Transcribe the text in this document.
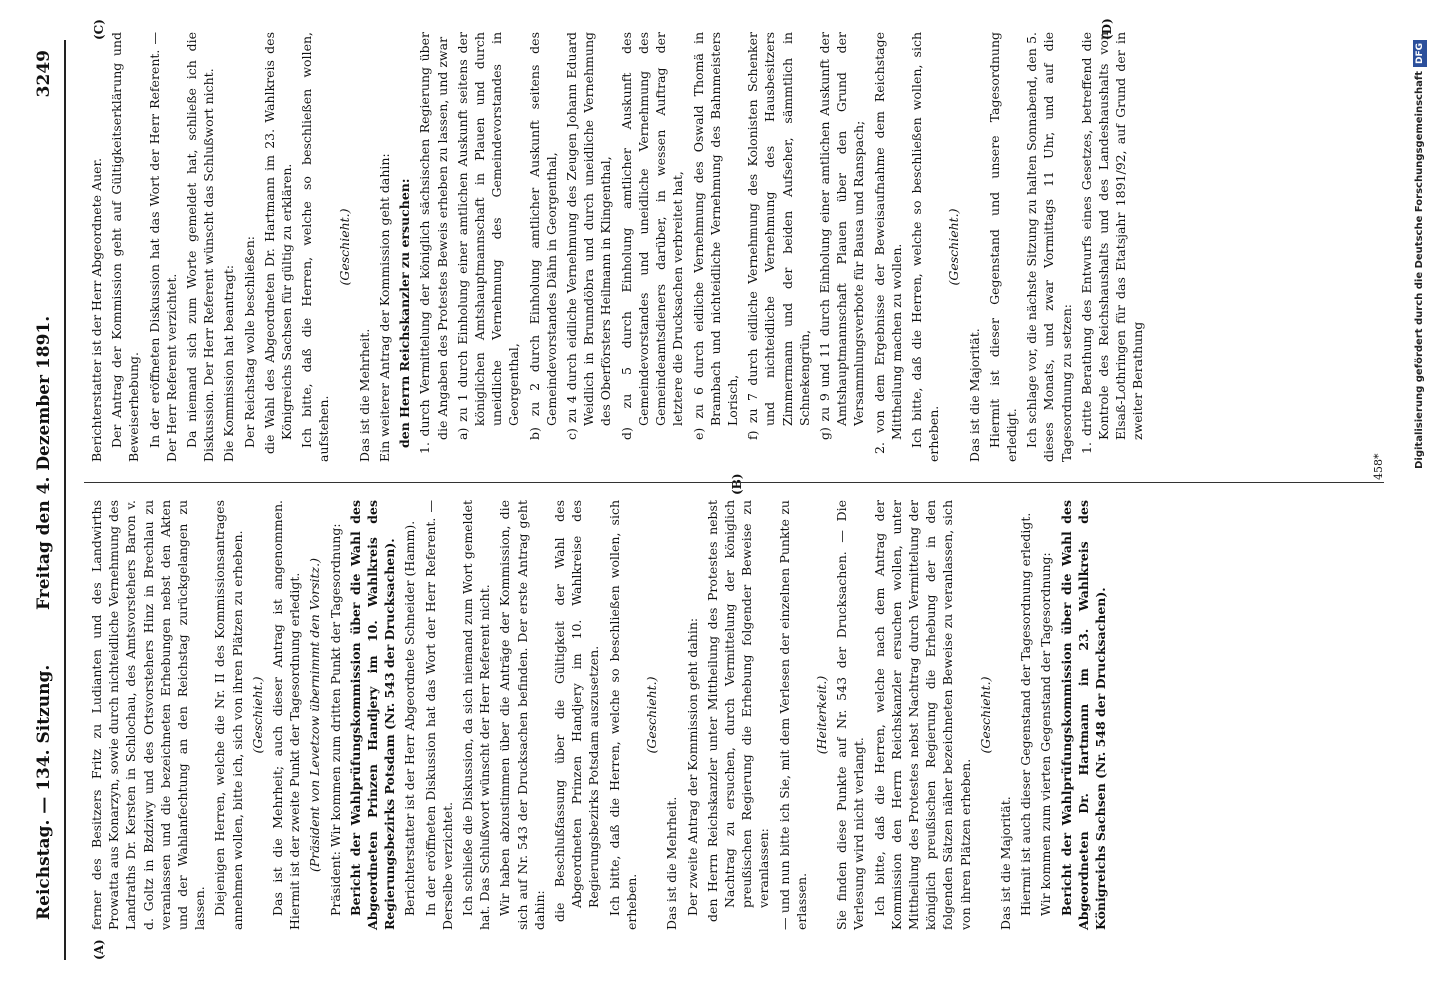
Reichstag. — 134. Sitzung.
Freitag den 4. Dezember 1891.
3249
(A)
(B)
(C)	(D)

ferner des Besitzers Fritz zu Ludianten und des Landwirths Prowatta aus Konarzyn, sowie durch nichteidliche Vernehmung des Landraths Dr. Kersten in Schlochau, des Amtsvorstehers Baron v. d. Goltz in Bzdziwy und des Ortsvorstehers Hinz in Brechlau zu veranlassen und die bezeichneten Erhebungen nebst den Akten und der Wahlanfechtung an den Reichstag zurückgelangen zu lassen. Diejenigen Herren, welche die Nr. II des Kommissionsantrages annehmen wollen, bitte ich, sich von ihren Plätzen zu erheben. (Geschieht.) Das ist die Mehrheit; auch dieser Antrag ist angenommen. Hiermit ist der zweite Punkt der Tagesordnung erledigt. (Präsident von Levetzow übernimmt den Vorsitz.) Präsident: Wir kommen zum dritten Punkt der Tagesordnung: Bericht der Wahlprüfungskommission über die Wahl des Abgeordneten Prinzen Handjery im 10. Wahlkreis des Regierungsbezirks Potsdam (Nr. 543 der Drucksachen). Berichterstatter ist der Herr Abgeordnete Schneider (Hamm). In der eröffneten Diskussion hat das Wort der Herr Referent. — Derselbe verzichtet. Ich schließe die Diskussion, da sich niemand zum Wort gemeldet hat. Das Schlußwort wünscht der Herr Referent nicht. Wir haben abzustimmen über die Anträge der Kommission, die sich auf Nr. 543 der Drucksachen befinden. Der erste Antrag geht dahin: die Beschlußfassung über die Gültigkeit der Wahl des Abgeordneten Prinzen Handjery im 10. Wahlkreise des Regierungsbezirks Potsdam auszusetzen. Ich bitte, daß die Herren, welche so beschließen wollen, sich erheben.

(Geschieht.)

Das ist die Mehrheit. Der zweite Antrag der Kommission geht dahin: den Herrn Reichskanzler unter Mittheilung des Protestes nebst Nachtrag zu ersuchen, durch Vermittelung der königlich preußischen Regierung die Erhebung folgender Beweise zu veranlassen: — und nun bitte ich Sie, mit dem Verlesen der einzelnen Punkte zu erlassen.

(Heiterkeit.) Sie finden diese Punkte auf Nr. 543 der Drucksachen. — Die Verlesung wird nicht verlangt. Ich bitte, daß die Herren, welche nach dem Antrag der Kommission den Herrn Reichskanzler ersuchen wollen, unter Mittheilung des Protestes nebst Nachtrag durch Vermittelung der königlich preußischen Regierung die Erhebung der in den folgenden Sätzen näher bezeichneten Beweise zu veranlassen, sich von ihren Plätzen erheben.

(Geschieht.)

Das ist die Majorität. Hiermit ist auch dieser Gegenstand der Tagesordnung erledigt. Wir kommen zum vierten Gegenstand der Tagesordnung: Bericht der Wahlprüfungskommission über die Wahl des Abgeordneten Dr. Hartmann im 23. Wahlkreis des Königreichs Sachsen (Nr. 548 der Drucksachen).

Berichterstatter ist der Herr Abgeordnete Auer. Der Antrag der Kommission geht auf Gültigkeitserklärung und Beweiserhebung. In der eröffneten Diskussion hat das Wort der Herr Referent. — Der Herr Referent verzichtet. Da niemand sich zum Worte gemeldet hat, schließe ich die Diskussion. Der Herr Referent wünscht das Schlußwort nicht. Die Kommission hat beantragt: Der Reichstag wolle beschließen: die Wahl des Abgeordneten Dr. Hartmann im 23. Wahlkreis des Königreichs Sachsen für gültig zu erklären. Ich bitte, daß die Herren, welche so beschließen wollen, aufstehen.

(Geschieht.)

Das ist die Mehrheit. Ein weiterer Antrag der Kommission geht dahin: den Herrn Reichskanzler zu ersuchen: 1. durch Vermittelung der königlich sächsischen Regierung über die Angaben des Protestes Beweis erheben zu lassen, und zwar a) zu 1 durch Einholung einer amtlichen Auskunft seitens der königlichen Amtshauptmannschaft in Plauen und durch uneidliche Vernehmung des Gemeindevorstandes in Georgenthal, b) zu 2 durch Einholung amtlicher Auskunft seitens des Gemeindevorstandes Dähn in Georgenthal, c) zu 4 durch eidliche Vernehmung des Zeugen Johann Eduard Weidlich in Brunndöbra und durch uneidliche Vernehmung des Oberförsters Heilmann in Klingenthal, d) zu 5 durch Einholung amtlicher Auskunft des Gemeindevorstandes und uneidliche Vernehmung des Gemeindeamtsdieners darüber, in wessen Auftrag der letztere die Drucksachen verbreitet hat, e) zu 6 durch eidliche Vernehmung des Oswald Thomä in Brambach und nichteidliche Vernehmung des Bahnmeisters Lorisch, f) zu 7 durch eidliche Vernehmung des Kolonisten Schenker und nichteidliche Vernehmung des Hausbesitzers Zimmermann und der beiden Aufseher, sämmtlich in Schnekengrün, g) zu 9 und 11 durch Einholung einer amtlichen Auskunft der Amtshauptmannschaft Plauen über den Grund der Versammlungsverbote für Bausa und Ranspach; 2. von dem Ergebnisse der Beweisaufnahme dem Reichstage Mittheilung machen zu wollen. Ich bitte, daß die Herren, welche so beschließen wollen, sich erheben.

(Geschieht.)

Das ist die Majorität. Hiermit ist dieser Gegenstand und unsere Tagesordnung erledigt. Ich schlage vor, die nächste Sitzung zu halten Sonnabend, den 5. dieses Monats, und zwar Vormittags 11 Uhr, und auf die Tagesordnung zu setzen: 1. dritte Berathung des Entwurfs eines Gesetzes, betreffend die Kontrole des Reichshaushalts und des Landeshaushalts von Elsaß-Lothringen für das Etatsjahr 1891/92, auf Grund der in zweiter Berathung

458*	Digitalisierung gefördert durch die Deutsche ForschungsgemeinschaftDFG
